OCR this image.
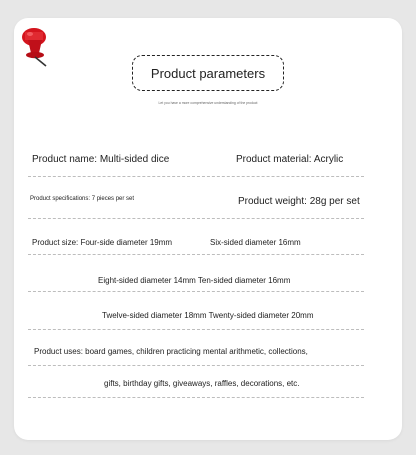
Product parameters
Let you have a more comprehensive understanding of the product
Product name: Multi-sided dice	Product material: Acrylic
Product specifications: 7 pieces per set	Product weight: 28g per set
Product size: Four-side diameter 19mm	Six-sided diameter 16mm
Eight-sided diameter 14mm Ten-sided diameter 16mm
Twelve-sided diameter 18mm Twenty-sided diameter 20mm
Product uses: board games, children practicing mental arithmetic, collections,
gifts, birthday gifts, giveaways, raffles, decorations, etc.
